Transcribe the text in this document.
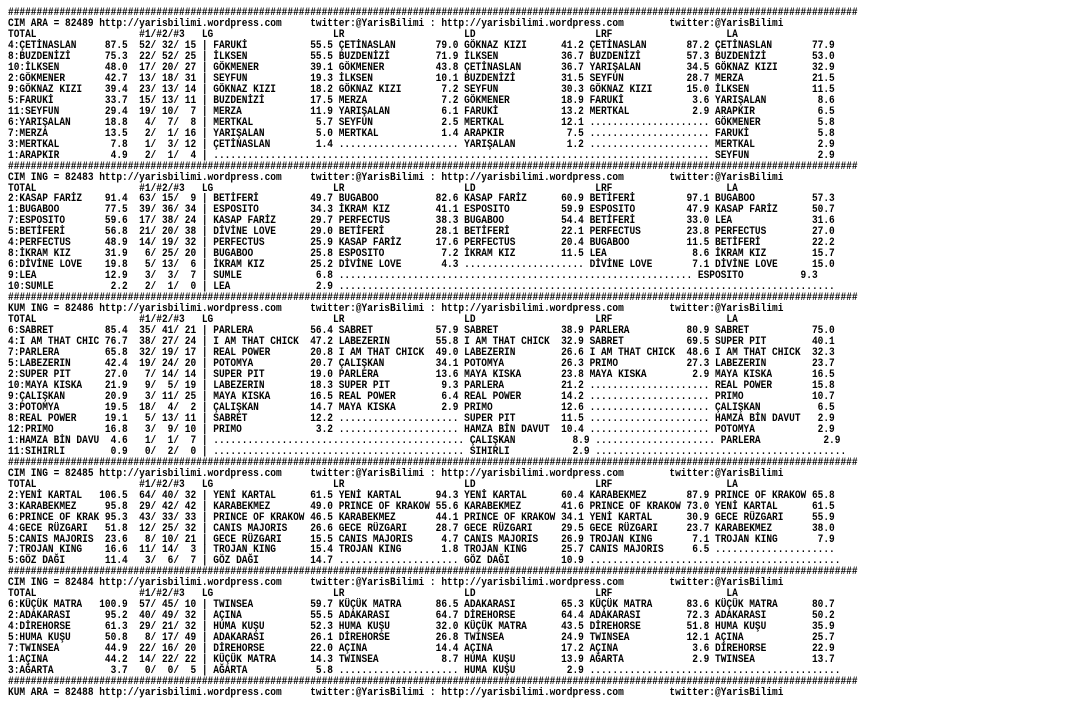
#####################################################################################################################################################
CIM ARA = 82489 http://yarisbilimi.wordpress.com     twitter:@YarisBilimi : http://yarisbilimi.wordpress.com        twitter:@YarisBilimi
TOTAL                  #1/#2/#3   LG                     LR                     LD                     LRF                    LA
4:ÇETİNASLAN     87.5  52/ 32/ 15 | FARUKİ           55.5 ÇETİNASLAN       79.0 GÖKNAZ KIZI      41.2 ÇETİNASLAN       87.2 ÇETİNASLAN       77.9
8:BUZDENİZİ      75.3  22/ 52/ 25 | İLKSEN           55.5 BUZDENİZİ        71.9 İLKSEN           36.7 BUZDENİZİ        57.3 BUZDENİZİ        53.0
10:İLKSEN        48.0  17/ 20/ 27 | GÖKMENER         39.1 GÖKMENER         43.8 ÇETİNASLAN       36.7 YARIŞALAN        34.5 GÖKNAZ KIZI      32.9
2:GÖKMENER       42.7  13/ 18/ 31 | SEYFUN           19.3 İLKSEN           10.1 BUZDENİZİ        31.5 SEYFUN           28.7 MERZA            21.5
9:GÖKNAZ KIZI    39.4  23/ 13/ 14 | GÖKNAZ KIZI      18.2 GÖKNAZ KIZI       7.2 SEYFUN           30.3 GÖKNAZ KIZI      15.0 İLKSEN           11.5
5:FARUKİ         33.7  15/ 13/ 11 | BUZDENİZİ        17.5 MERZA             7.2 GÖKMENER         18.9 FARUKİ            3.6 YARIŞALAN         8.6
11:SEYFUN        29.4  19/ 10/  7 | MERZA            11.9 YARIŞALAN         6.1 FARUKİ           13.2 MERTKAL           2.9 ARAPKIR           6.5
6:YARIŞALAN      18.8   4/  7/  8 | MERTKAL           5.7 SEYFUN            2.5 MERTKAL          12.1 ..................... GÖKMENER          5.8
7:MERZA          13.5   2/  1/ 16 | YARIŞALAN         5.0 MERTKAL           1.4 ARAPKIR           7.5 ..................... FARUKİ            5.8
3:MERTKAL         7.8   1/  3/ 12 | ÇETİNASLAN        1.4 ..................... YARIŞALAN         1.2 ..................... MERTKAL           2.9
1:ARAPKIR         4.9   2/  1/  4 | ....................................................................................... SEYFUN            2.9
#####################################################################################################################################################
CIM ING = 82483 http://yarisbilimi.wordpress.com     twitter:@YarisBilimi : http://yarisbilimi.wordpress.com        twitter:@YarisBilimi
TOTAL                  #1/#2/#3   LG                     LR                     LD                     LRF                    LA
2:KASAP FARİZ    91.4  63/ 15/  9 | BETİFERİ         49.7 BUGABOO          82.6 KASAP FARİZ      60.9 BETİFERİ         97.1 BUGABOO          57.3
1:BUGABOO        77.5  39/ 36/ 34 | ESPOSITO         34.3 İKRAM KIZ        41.1 ESPOSITO         59.9 ESPOSITO         47.9 KASAP FARİZ      50.7
7:ESPOSITO       59.6  17/ 38/ 24 | KASAP FARİZ      29.7 PERFECTUS        38.3 BUGABOO          54.4 BETİFERİ         33.0 LEA              31.6
5:BETİFERİ       56.8  21/ 20/ 38 | DİVİNE LOVE      29.0 BETİFERİ         28.1 BETİFERİ         22.1 PERFECTUS        23.8 PERFECTUS        27.0
4:PERFECTUS      48.9  14/ 19/ 32 | PERFECTUS        25.9 KASAP FARİZ      17.6 PERFECTUS        20.4 BUGABOO          11.5 BETİFERİ         22.2
8:İKRAM KIZ      31.9   6/ 25/ 20 | BUGABOO          25.8 ESPOSITO          7.2 İKRAM KIZ        11.5 LEA               8.6 İKRAM KIZ        15.7
6:DİVİNE LOVE    19.8   5/ 13/  6 | İKRAM KIZ        25.2 DİVİNE LOVE       4.3 ..................... DİVİNE LOVE       7.1 DİVİNE LOVE      15.0
9:LEA            12.9   3/  3/  7 | SUMLE             6.8 .............................................................. ESPOSITO          9.3
10:SUMLE          2.2   2/  1/  0 | LEA               2.9 .......................................................................................
#####################################################################################################################################################
KUM ING = 82486 http://yarisbilimi.wordpress.com     twitter:@YarisBilimi : http://yarisbilimi.wordpress.com        twitter:@YarisBilimi
TOTAL                  #1/#2/#3   LG                     LR                     LD                     LRF                    LA
6:SABRET         85.4  35/ 41/ 21 | PARLERA          56.4 SABRET           57.9 SABRET           38.9 PARLERA          80.9 SABRET           75.0
4:I AM THAT CHIC 76.7  38/ 27/ 24 | I AM THAT CHICK  47.2 LABEZERIN        55.8 I AM THAT CHICK  32.9 SABRET           69.5 SUPER PIT        40.1
7:PARLERA        65.8  32/ 19/ 17 | REAL POWER       20.8 I AM THAT CHICK  49.0 LABEZERIN        26.6 I AM THAT CHICK  48.6 I AM THAT CHICK  32.3
5:LABEZERIN      42.4  19/ 24/ 20 | POTOMYA          20.7 ÇALIŞKAN         34.1 POTOMYA          26.3 PRIMO            27.3 LABEZERIN        23.7
2:SUPER PIT      27.0   7/ 14/ 14 | SUPER PIT        19.0 PARLERA          13.6 MAYA KISKA       23.8 MAYA KISKA        2.9 MAYA KISKA       16.5
10:MAYA KISKA    21.9   9/  5/ 19 | LABEZERIN        18.3 SUPER PIT         9.3 PARLERA          21.2 ..................... REAL POWER       15.8
9:ÇALIŞKAN       20.9   3/ 11/ 25 | MAYA KISKA       16.5 REAL POWER        6.4 REAL POWER       14.2 ..................... PRIMO            10.7
3:POTOMYA        19.5  18/  4/  2 | ÇALIŞKAN         14.7 MAYA KISKA        2.9 PRIMO            12.6 ..................... ÇALIŞKAN          6.5
8:REAL POWER     19.1   5/ 13/ 11 | SABRET           12.2 ..................... SUPER PIT        11.5 ..................... HAMZA BİN DAVUT   2.9
12:PRIMO         16.8   3/  9/ 10 | PRIMO             3.2 ..................... HAMZA BİN DAVUT  10.4 ..................... POTOMYA           2.9
1:HAMZA BİN DAVU  4.6   1/  1/  7 | ............................................ ÇALIŞKAN          8.9 ..................... PARLERA           2.9
11:SIHIRLI        0.9   0/  2/  0 | ............................................ SIHIRLI           2.9 ............................................
#####################################################################################################################################################
CIM ING = 82485 http://yarisbilimi.wordpress.com     twitter:@YarisBilimi : http://yarisbilimi.wordpress.com        twitter:@YarisBilimi
TOTAL                  #1/#2/#3   LG                     LR                     LD                     LRF                    LA
2:YENİ KARTAL   106.5  64/ 40/ 32 | YENİ KARTAL      61.5 YENİ KARTAL      94.3 YENİ KARTAL      60.4 KARABEKMEZ       87.9 PRINCE OF KRAKOW 65.8
3:KARABEKMEZ     95.8  29/ 42/ 42 | KARABEKMEZ       49.0 PRINCE OF KRAKOW 55.6 KARABEKMEZ       41.6 PRINCE OF KRAKOW 73.0 YENİ KARTAL      61.5
6:PRINCE OF KRAK 95.3  43/ 33/ 33 | PRINCE OF KRAKOW 46.5 KARABEKMEZ       44.1 PRINCE OF KRAKOW 34.1 YENİ KARTAL      30.9 GECE RÜZGARI     55.9
4:GECE RÜZGARI   51.8  12/ 25/ 32 | CANIS MAJORIS    26.6 GECE RÜZGARI     28.7 GECE RÜZGARI     29.5 GECE RÜZGARI     23.7 KARABEKMEZ       38.0
5:CANIS MAJORIS  23.6   8/ 10/ 21 | GECE RÜZGARI     15.5 CANIS MAJORIS     4.7 CANIS MAJORIS    26.9 TROJAN KING       7.1 TROJAN KING       7.9
7:TROJAN KING    16.6  11/ 14/  3 | TROJAN KING      15.4 TROJAN KING       1.8 TROJAN KING      25.7 CANIS MAJORIS     6.5 .....................
5:GÖZ DAĞI       11.4   3/  6/  7 | GÖZ DAĞI         14.7 ..................... GÖZ DAĞI         10.9 ............................................
#####################################################################################################################################################
CIM ING = 82484 http://yarisbilimi.wordpress.com     twitter:@YarisBilimi : http://yarisbilimi.wordpress.com        twitter:@YarisBilimi
TOTAL                  #1/#2/#3   LG                     LR                     LD                     LRF                    LA
6:KÜÇÜK MATRA   100.9  57/ 45/ 10 | TWINSEA          59.7 KÜÇÜK MATRA      86.5 ADAKARASI        65.3 KÜÇÜK MATRA      83.6 KÜÇÜK MATRA      80.7
2:ADAKARASI      95.2  40/ 49/ 32 | AÇINA            55.5 ADAKARASI        64.7 DİREHORSE        64.4 ADAKARASI        72.3 ADAKARASI        50.2
4:DİREHORSE      61.3  29/ 21/ 32 | HUMA KUŞU        52.3 HUMA KUŞU        32.0 KÜÇÜK MATRA      43.5 DİREHORSE        51.8 HUMA KUŞU        35.9
5:HUMA KUŞU      50.8   8/ 17/ 49 | ADAKARASI        26.1 DİREHORSE        26.8 TWINSEA          24.9 TWINSEA          12.1 AÇINA            25.7
7:TWINSEA        44.9  22/ 16/ 20 | DİREHORSE        22.0 AÇINA            14.4 AÇINA            17.2 AÇINA             3.6 DİREHORSE        22.9
1:AÇINA          44.2  14/ 22/ 22 | KÜÇÜK MATRA      14.3 TWINSEA           8.7 HUMA KUŞU        13.9 AĞARTA            2.9 TWINSEA          13.7
3:AĞARTA          3.7   0/  0/  5 | AĞARTA            5.8 ..................... HUMA KUŞU         2.9 ............................................
#####################################################################################################################################################
KUM ARA = 82488 http://yarisbilimi.wordpress.com     twitter:@YarisBilimi : http://yarisbilimi.wordpress.com        twitter:@YarisBilimi
